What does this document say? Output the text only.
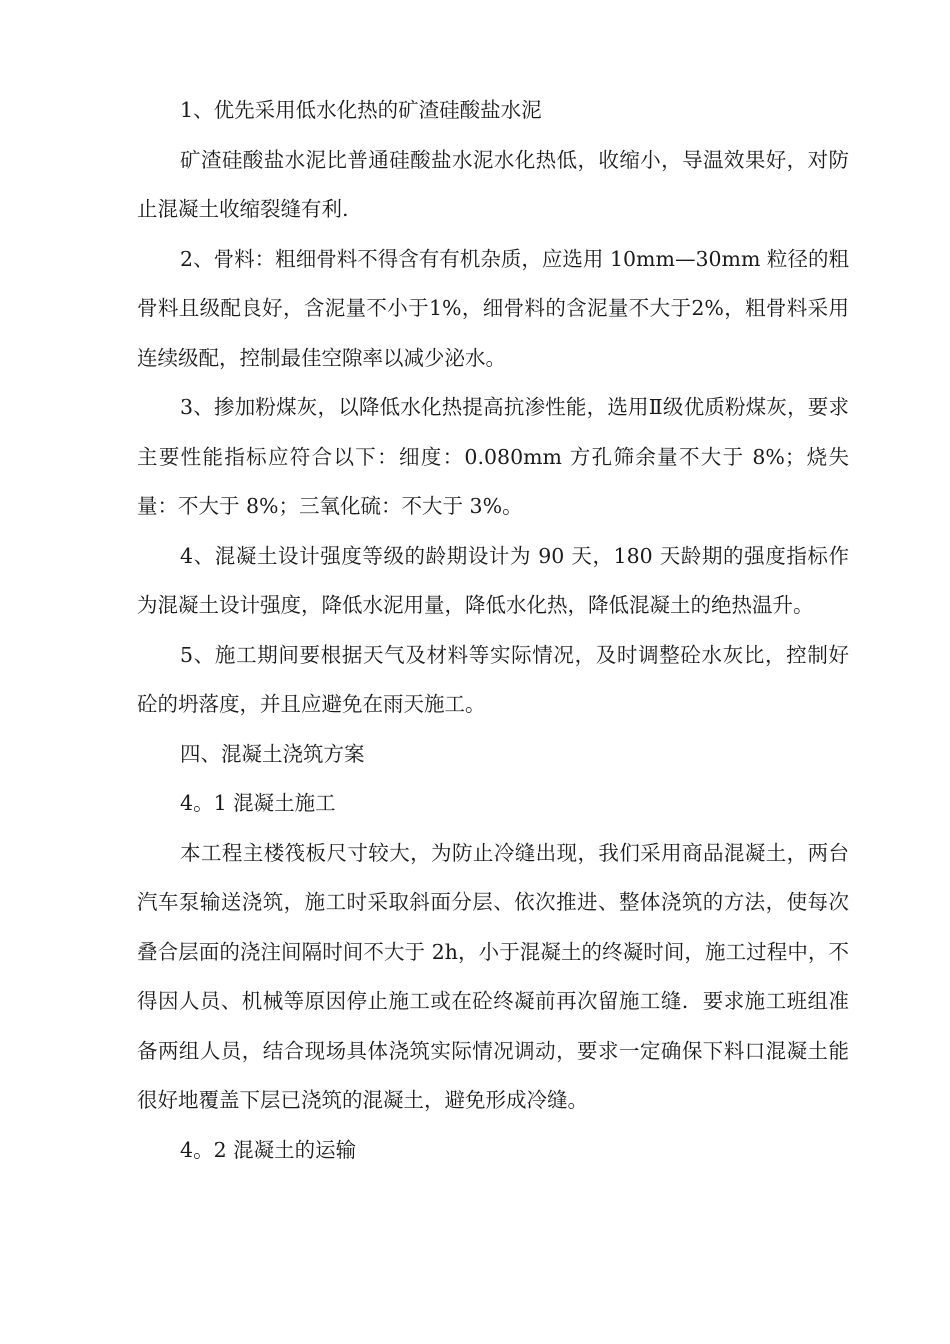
1、优先采用低水化热的矿渣硅酸盐水泥

矿渣硅酸盐水泥比普通硅酸盐水泥水化热低，收缩小，导温效果好，对防止混凝土收缩裂缝有利.

2、骨料：粗细骨料不得含有有机杂质，应选用 10mm—30mm 粒径的粗骨料且级配良好，含泥量不小于1%，细骨料的含泥量不大于2%，粗骨料采用连续级配，控制最佳空隙率以减少泌水。

3、掺加粉煤灰，以降低水化热提高抗渗性能，选用Ⅱ级优质粉煤灰，要求主要性能指标应符合以下：细度：0.080mm 方孔筛余量不大于 8%；烧失量：不大于 8%；三氧化硫：不大于 3%。

4、混凝土设计强度等级的龄期设计为 90 天，180 天龄期的强度指标作为混凝土设计强度，降低水泥用量，降低水化热，降低混凝土的绝热温升。

5、施工期间要根据天气及材料等实际情况，及时调整砼水灰比，控制好砼的坍落度，并且应避免在雨天施工。

四、混凝土浇筑方案

4。1 混凝土施工

本工程主楼筏板尺寸较大，为防止冷缝出现，我们采用商品混凝土，两台汽车泵输送浇筑，施工时采取斜面分层、依次推进、整体浇筑的方法，使每次叠合层面的浇注间隔时间不大于 2h，小于混凝土的终凝时间，施工过程中，不得因人员、机械等原因停止施工或在砼终凝前再次留施工缝．要求施工班组准备两组人员，结合现场具体浇筑实际情况调动，要求一定确保下料口混凝土能很好地覆盖下层已浇筑的混凝土，避免形成冷缝。

4。2 混凝土的运输
